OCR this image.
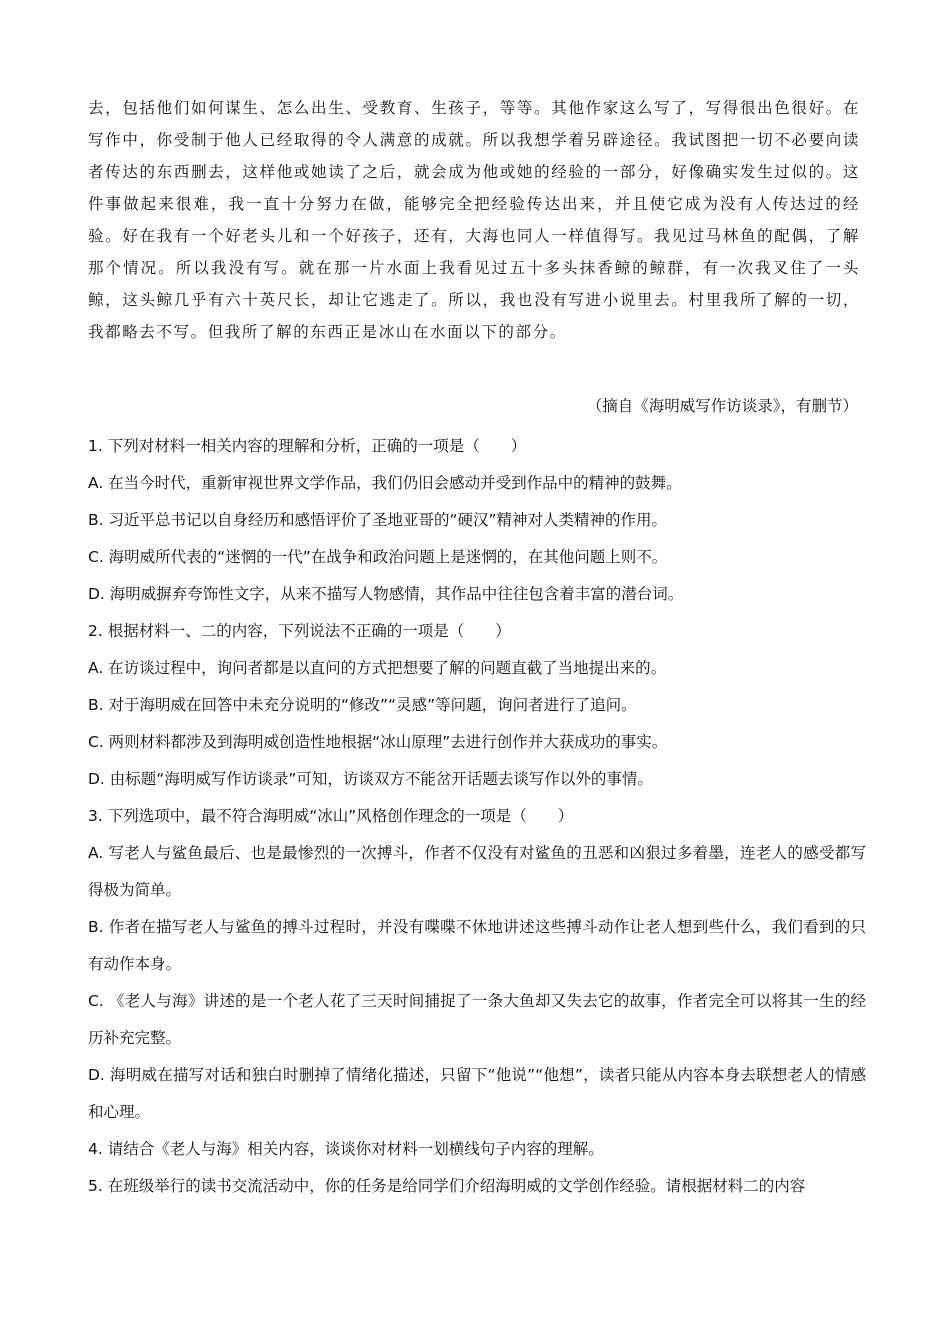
去，包括他们如何谋生、怎么出生、受教育、生孩子，等等。其他作家这么写了，写得很出色很好。在写作中，你受制于他人已经取得的令人满意的成就。所以我想学着另辟途径。我试图把一切不必要向读者传达的东西删去，这样他或她读了之后，就会成为他或她的经验的一部分，好像确实发生过似的。这件事做起来很难，我一直十分努力在做，能够完全把经验传达出来，并且使它成为没有人传达过的经验。好在我有一个好老头儿和一个好孩子，还有，大海也同人一样值得写。我见过马林鱼的配偶，了解那个情况。所以我没有写。就在那一片水面上我看见过五十多头抹香鲸的鲸群，有一次我叉住了一头鲸，这头鲸几乎有六十英尺长，却让它逃走了。所以，我也没有写进小说里去。村里我所了解的一切，我都略去不写。但我所了解的东西正是冰山在水面以下的部分。

（摘自《海明威写作访谈录》，有删节）

1. 下列对材料一相关内容的理解和分析，正确的一项是（　　）

A. 在当今时代，重新审视世界文学作品，我们仍旧会感动并受到作品中的精神的鼓舞。

B. 习近平总书记以自身经历和感悟评价了圣地亚哥的“硬汉”精神对人类精神的作用。

C. 海明威所代表的“迷惘的一代”在战争和政治问题上是迷惘的，在其他问题上则不。

D. 海明威摒弃夸饰性文字，从来不描写人物感情，其作品中往往包含着丰富的潜台词。

2. 根据材料一、二的内容，下列说法不正确的一项是（　　）

A. 在访谈过程中，询问者都是以直问的方式把想要了解的问题直截了当地提出来的。

B. 对于海明威在回答中未充分说明的“修改”“灵感”等问题，询问者进行了追问。

C. 两则材料都涉及到海明威创造性地根据“冰山原理”去进行创作并大获成功的事实。

D. 由标题“海明威写作访谈录”可知，访谈双方不能岔开话题去谈写作以外的事情。

3. 下列选项中，最不符合海明威“冰山”风格创作理念的一项是（　　）

A. 写老人与鲨鱼最后、也是最惨烈的一次搏斗，作者不仅没有对鲨鱼的丑恶和凶狠过多着墨，连老人的感受都写得极为简单。

B. 作者在描写老人与鲨鱼的搏斗过程时，并没有喋喋不休地讲述这些搏斗动作让老人想到些什么，我们看到的只有动作本身。

C. 《老人与海》讲述的是一个老人花了三天时间捕捉了一条大鱼却又失去它的故事，作者完全可以将其一生的经历补充完整。

D. 海明威在描写对话和独白时删掉了情绪化描述，只留下“他说”“他想”，读者只能从内容本身去联想老人的情感和心理。

4. 请结合《老人与海》相关内容，谈谈你对材料一划横线句子内容的理解。

5. 在班级举行的读书交流活动中，你的任务是给同学们介绍海明威的文学创作经验。请根据材料二的内容
